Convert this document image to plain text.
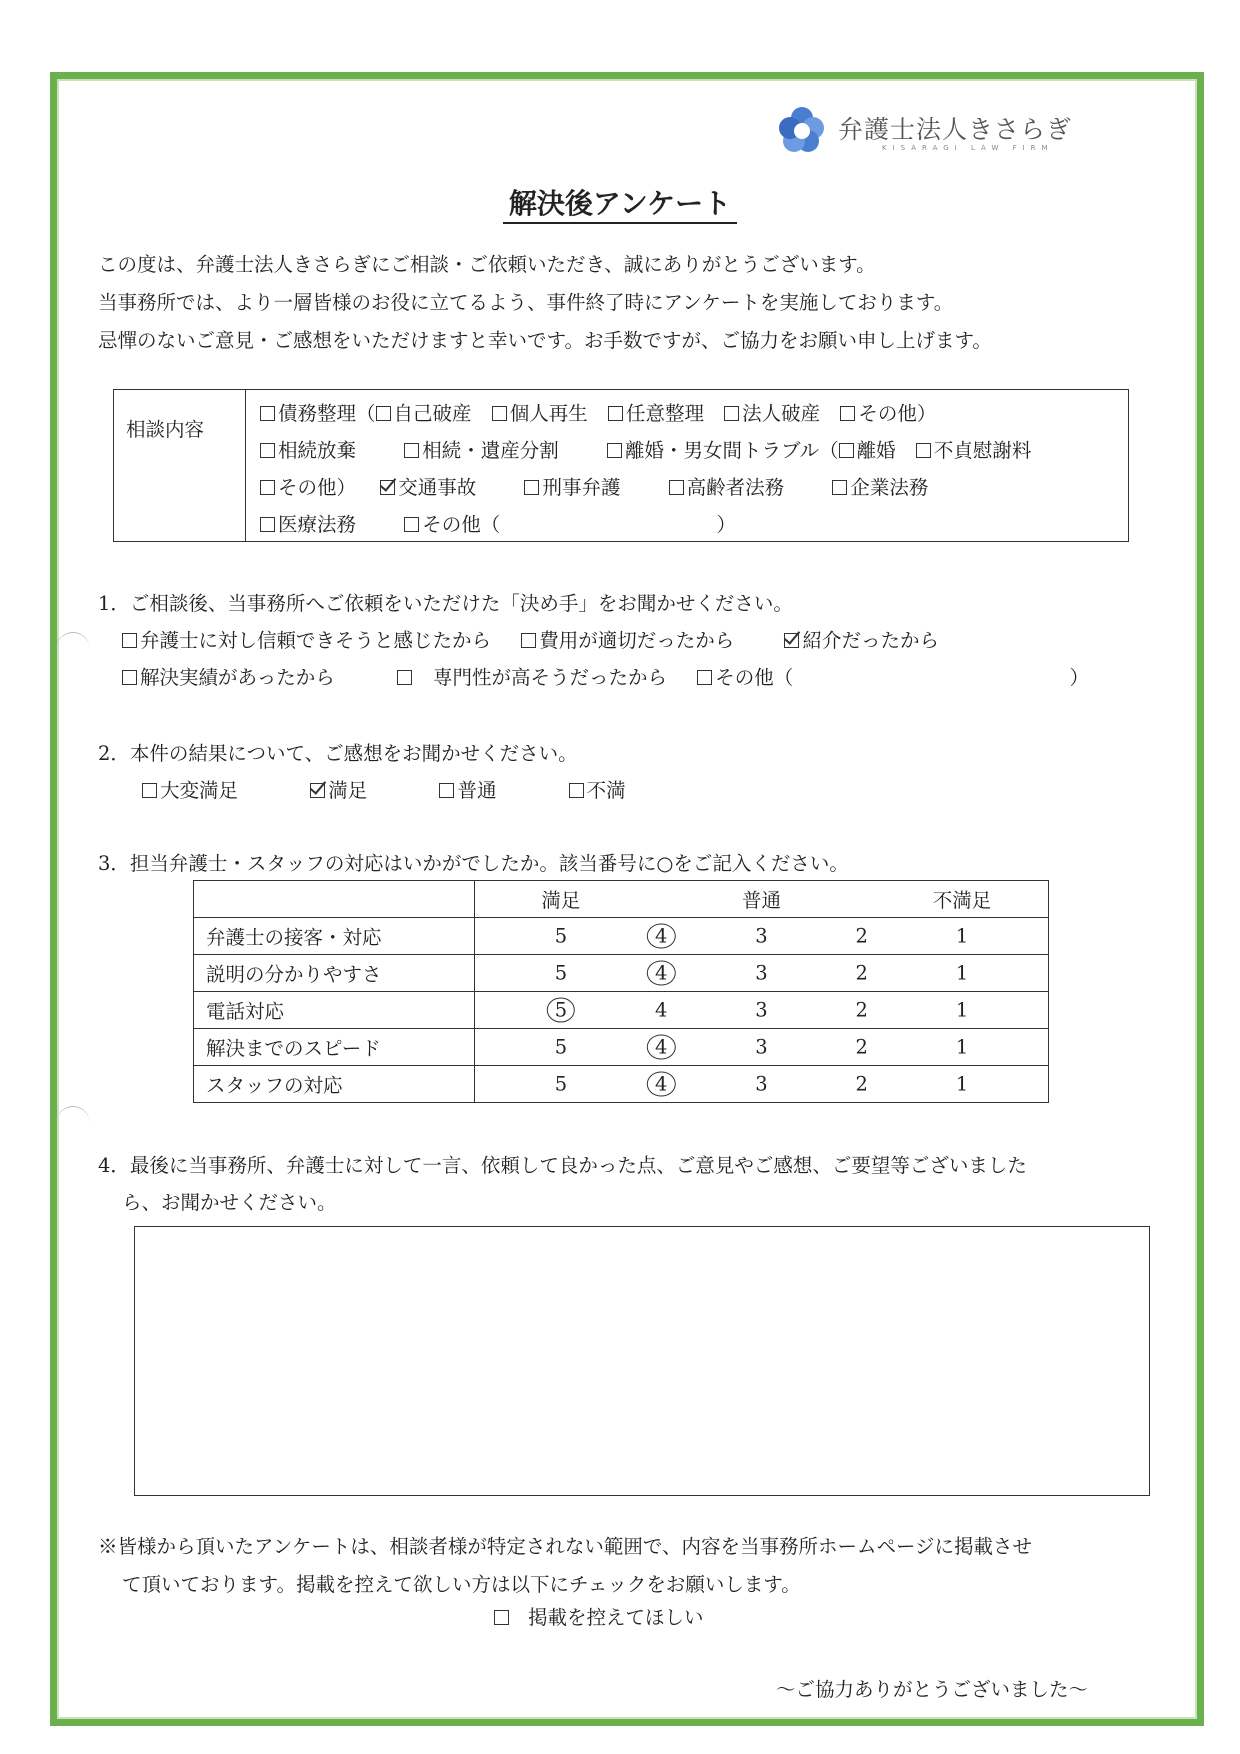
弁護士法人きさらぎ
KISARAGI LAW FIRM
解決後アンケート
この度は、弁護士法人きさらぎにご相談・ご依頼いただき、誠にありがとうございます。
当事務所では、より一層皆様のお役に立てるよう、事件終了時にアンケートを実施しております。
忌憚のないご意見・ご感想をいただけますと幸いです。お手数ですが、ご協力をお願い申し上げます。
相談内容
債務整理（ 自己破産 個人再生 任意整理 法人破産 その他）
相続放棄	相続・遺産分割	離婚・男女間トラブル（ 離婚 不貞慰謝料
その他） 交通事故	刑事弁護	高齢者法務	企業法務
医療法務	その他（	）
1．ご相談後、当事務所へご依頼をいただけた「決め手」をお聞かせください。
弁護士に対し信頼できそうと感じたから 費用が適切だったから	紹介だったから
解決実績があったから	専門性が高そうだったから その他（	）
2．本件の結果について、ご感想をお聞かせください。
大変満足	満足	普通	不満
3．担当弁護士・スタッフの対応はいかがでしたか。該当番号に○をご記入ください。

	満足 普通 不満足

弁護士の接客・対応	5 4 3 2 1

説明の分かりやすさ	5 4 3 2 1

電話対応	5 4 3 2 1

解決までのスピード	5 4 3 2 1

スタッフの対応	5 4 3 2 1
4．最後に当事務所、弁護士に対して一言、依頼して良かった点、ご意見やご感想、ご要望等ございました
ら、お聞かせください。
※皆様から頂いたアンケートは、相談者様が特定されない範囲で、内容を当事務所ホームページに掲載させ
て頂いております。掲載を控えて欲しい方は以下にチェックをお願いします。
掲載を控えてほしい
〜ご協力ありがとうございました〜
